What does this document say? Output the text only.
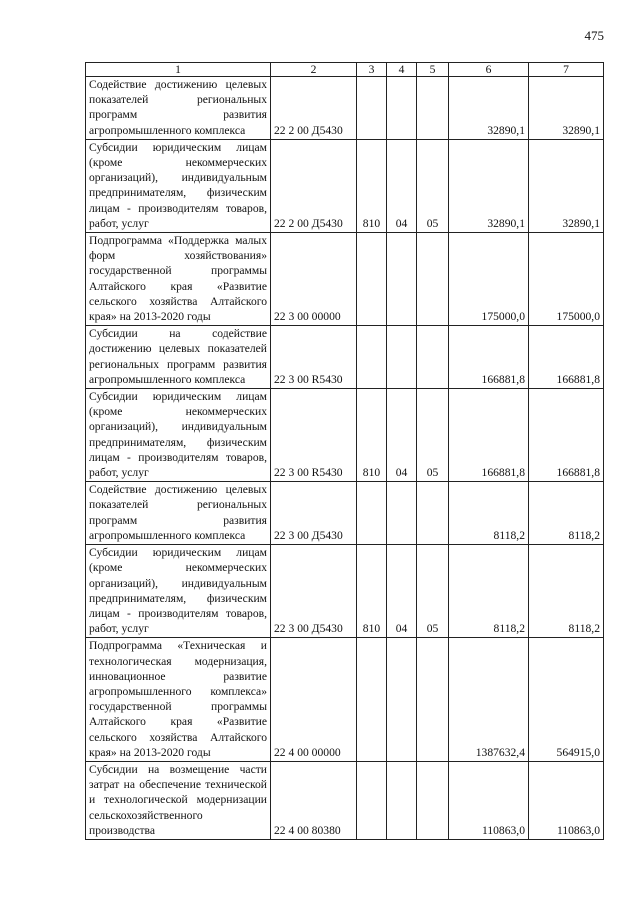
475
1	2	3	4	5	6	7
Содействие достижению целевых показателей региональных программ развития агропромышленного комплекса	22 2 00 Д5430				32890,1	32890,1
Субсидии юридическим лицам (кроме некоммерческих организаций), индивидуальным предпринимателям, физическим лицам - производителям товаров, работ, услуг	22 2 00 Д5430	810	04	05	32890,1	32890,1
Подпрограмма «Поддержка малых форм хозяйствования» государственной программы Алтайского края «Развитие сельского хозяйства Алтайского края» на 2013-2020 годы	22 3 00 00000				175000,0	175000,0
Субсидии на содействие достижению целевых показателей региональных программ развития агропромышленного комплекса	22 3 00 R5430				166881,8	166881,8
Субсидии юридическим лицам (кроме некоммерческих организаций), индивидуальным предпринимателям, физическим лицам - производителям товаров, работ, услуг	22 3 00 R5430	810	04	05	166881,8	166881,8
Содействие достижению целевых показателей региональных программ развития агропромышленного комплекса	22 3 00 Д5430				8118,2	8118,2
Субсидии юридическим лицам (кроме некоммерческих организаций), индивидуальным предпринимателям, физическим лицам - производителям товаров, работ, услуг	22 3 00 Д5430	810	04	05	8118,2	8118,2
Подпрограмма «Техническая и технологическая модернизация, инновационное развитие агропромышленного комплекса» государственной программы Алтайского края «Развитие сельского хозяйства Алтайского края» на 2013-2020 годы	22 4 00 00000				1387632,4	564915,0
Субсидии на возмещение части затрат на обеспечение технической и технологической модернизации сельскохозяйственного производства	22 4 00 80380				110863,0	110863,0
